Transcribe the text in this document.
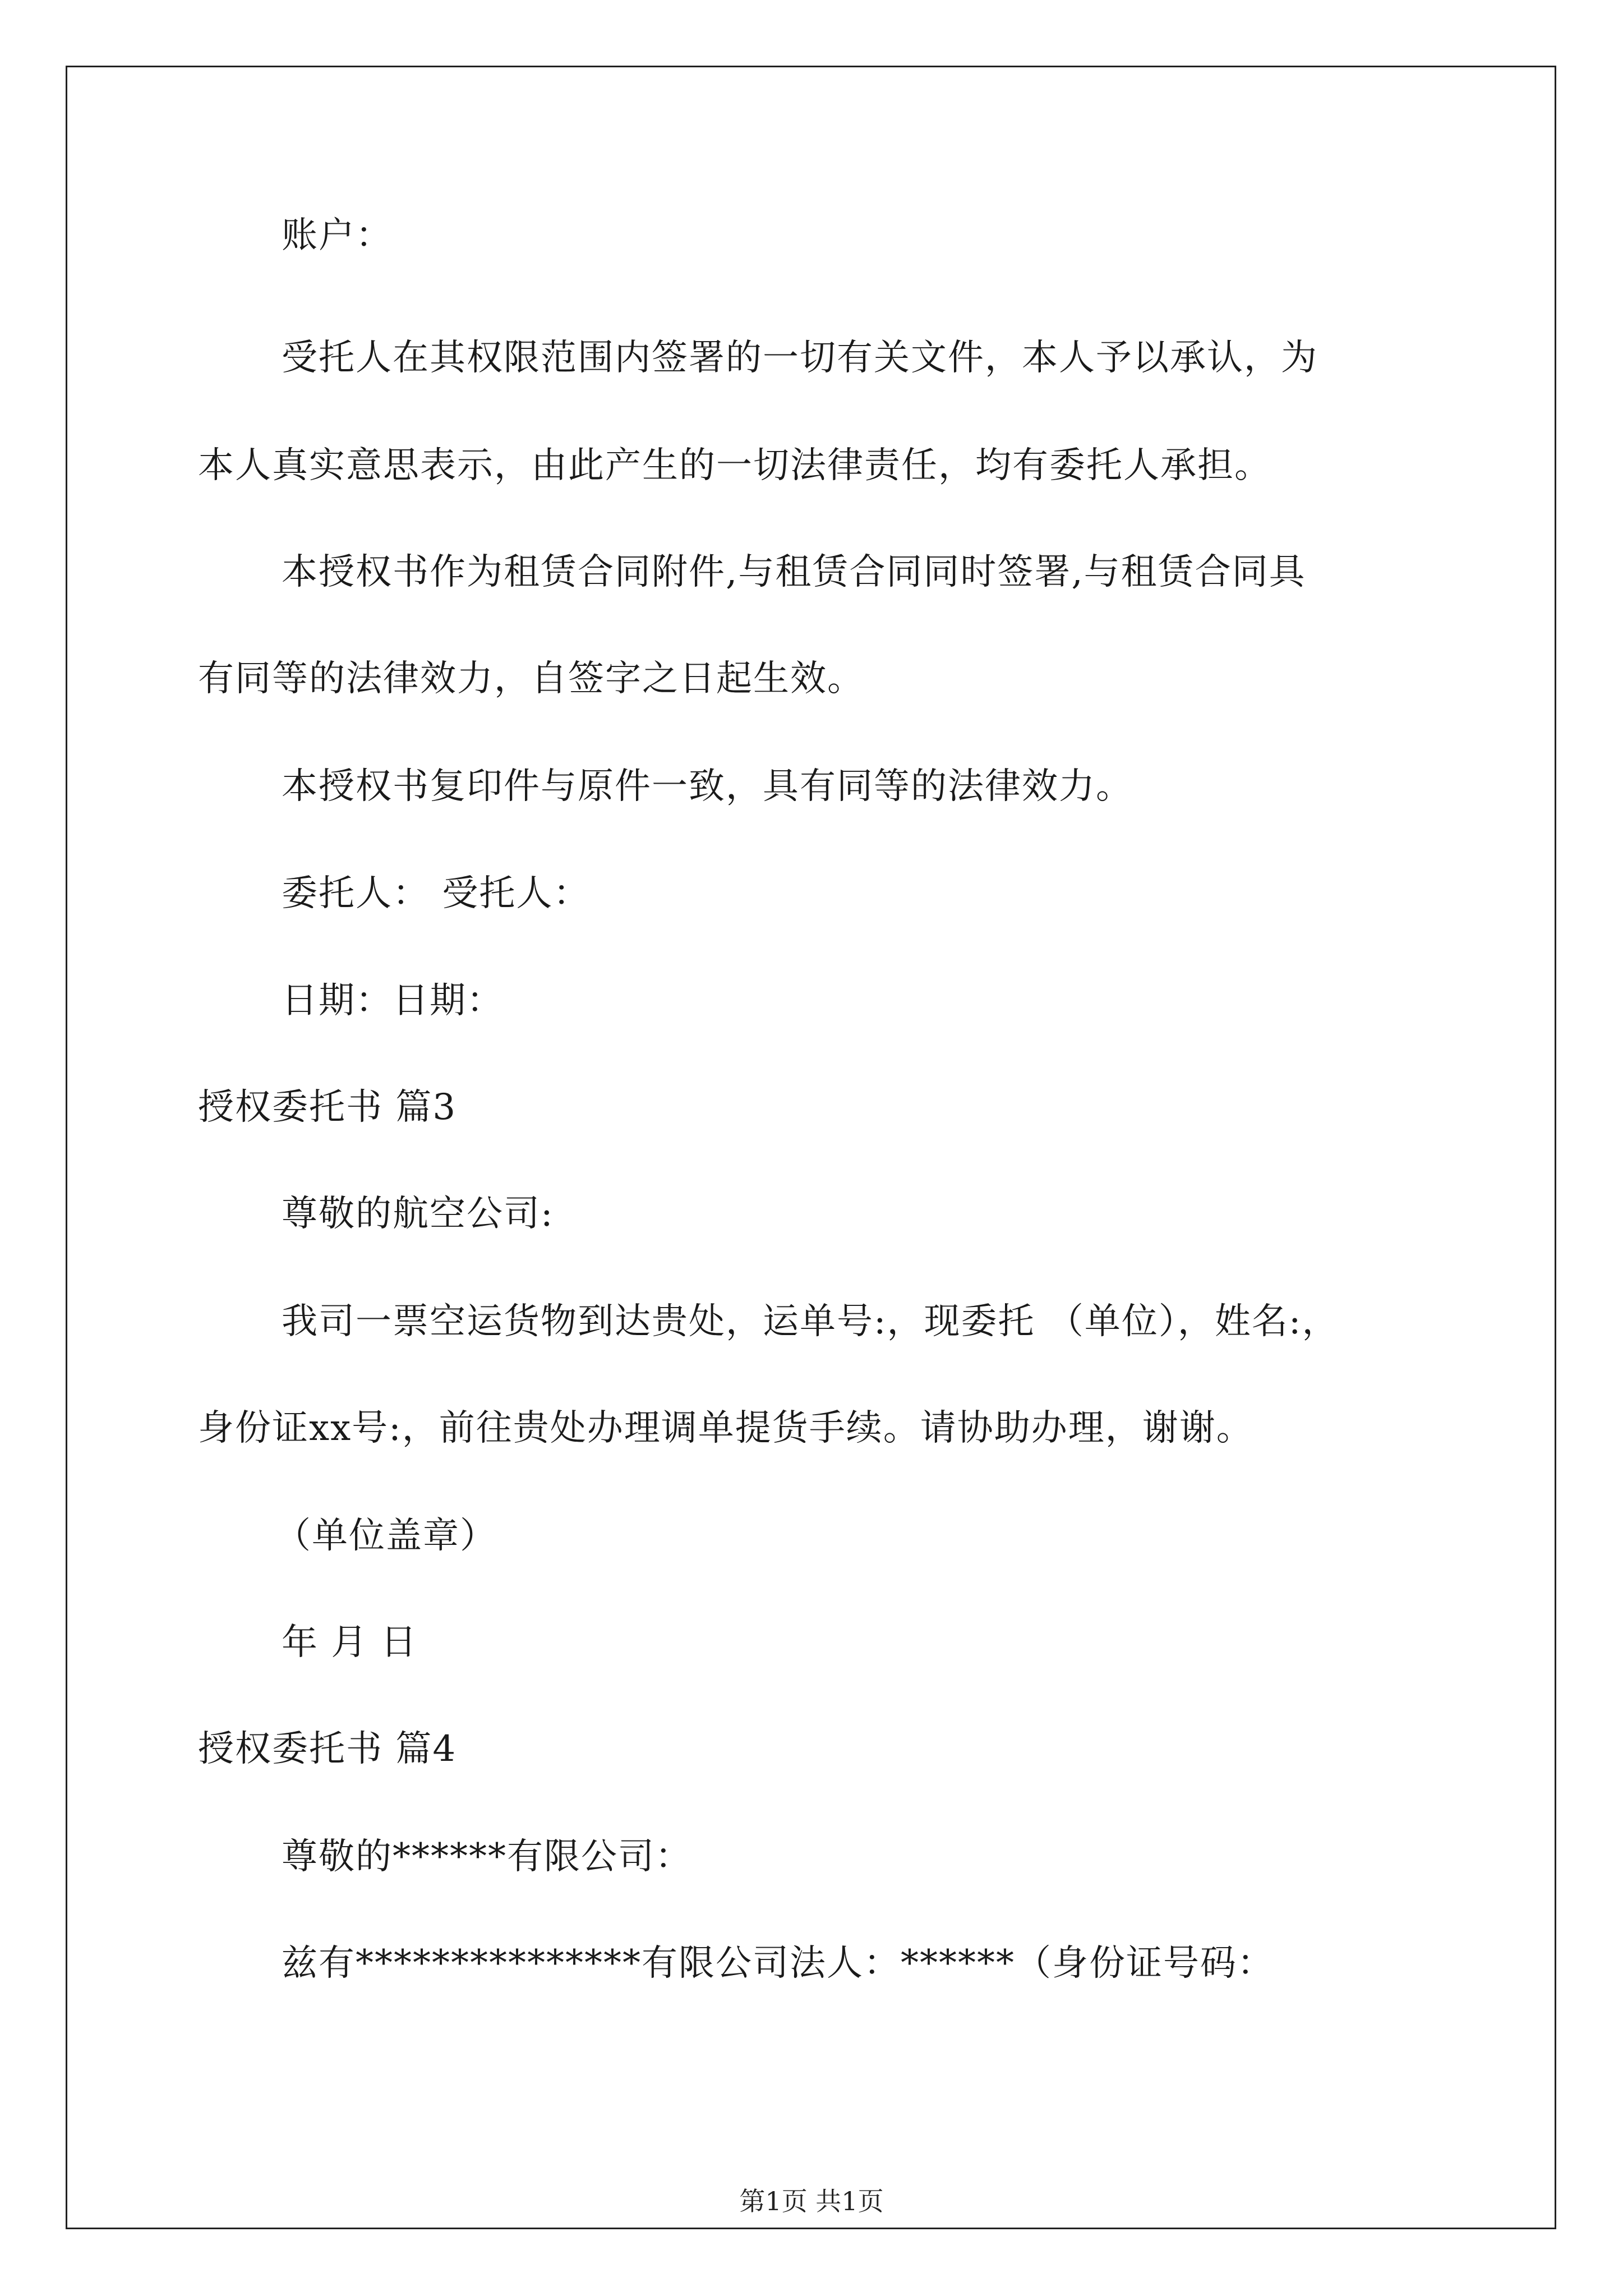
账户：
受托人在其权限范围内签署的一切有关文件，本人予以承认，为
本人真实意思表示，由此产生的一切法律责任，均有委托人承担。
本授权书作为租赁合同附件,与租赁合同同时签署,与租赁合同具
有同等的法律效力，自签字之日起生效。
本授权书复印件与原件一致，具有同等的法律效力。
委托人： 受托人：
日期：日期：
授权委托书 篇3
尊敬的航空公司:
我司一票空运货物到达贵处，运单号:，现委托 （单位），姓名:，
身份证xx号:，前往贵处办理调单提货手续。请协助办理，谢谢。
（单位盖章）
年 月 日
授权委托书 篇4
尊敬的******有限公司：
兹有***************有限公司法人：******（身份证号码：
第1页 共1页
